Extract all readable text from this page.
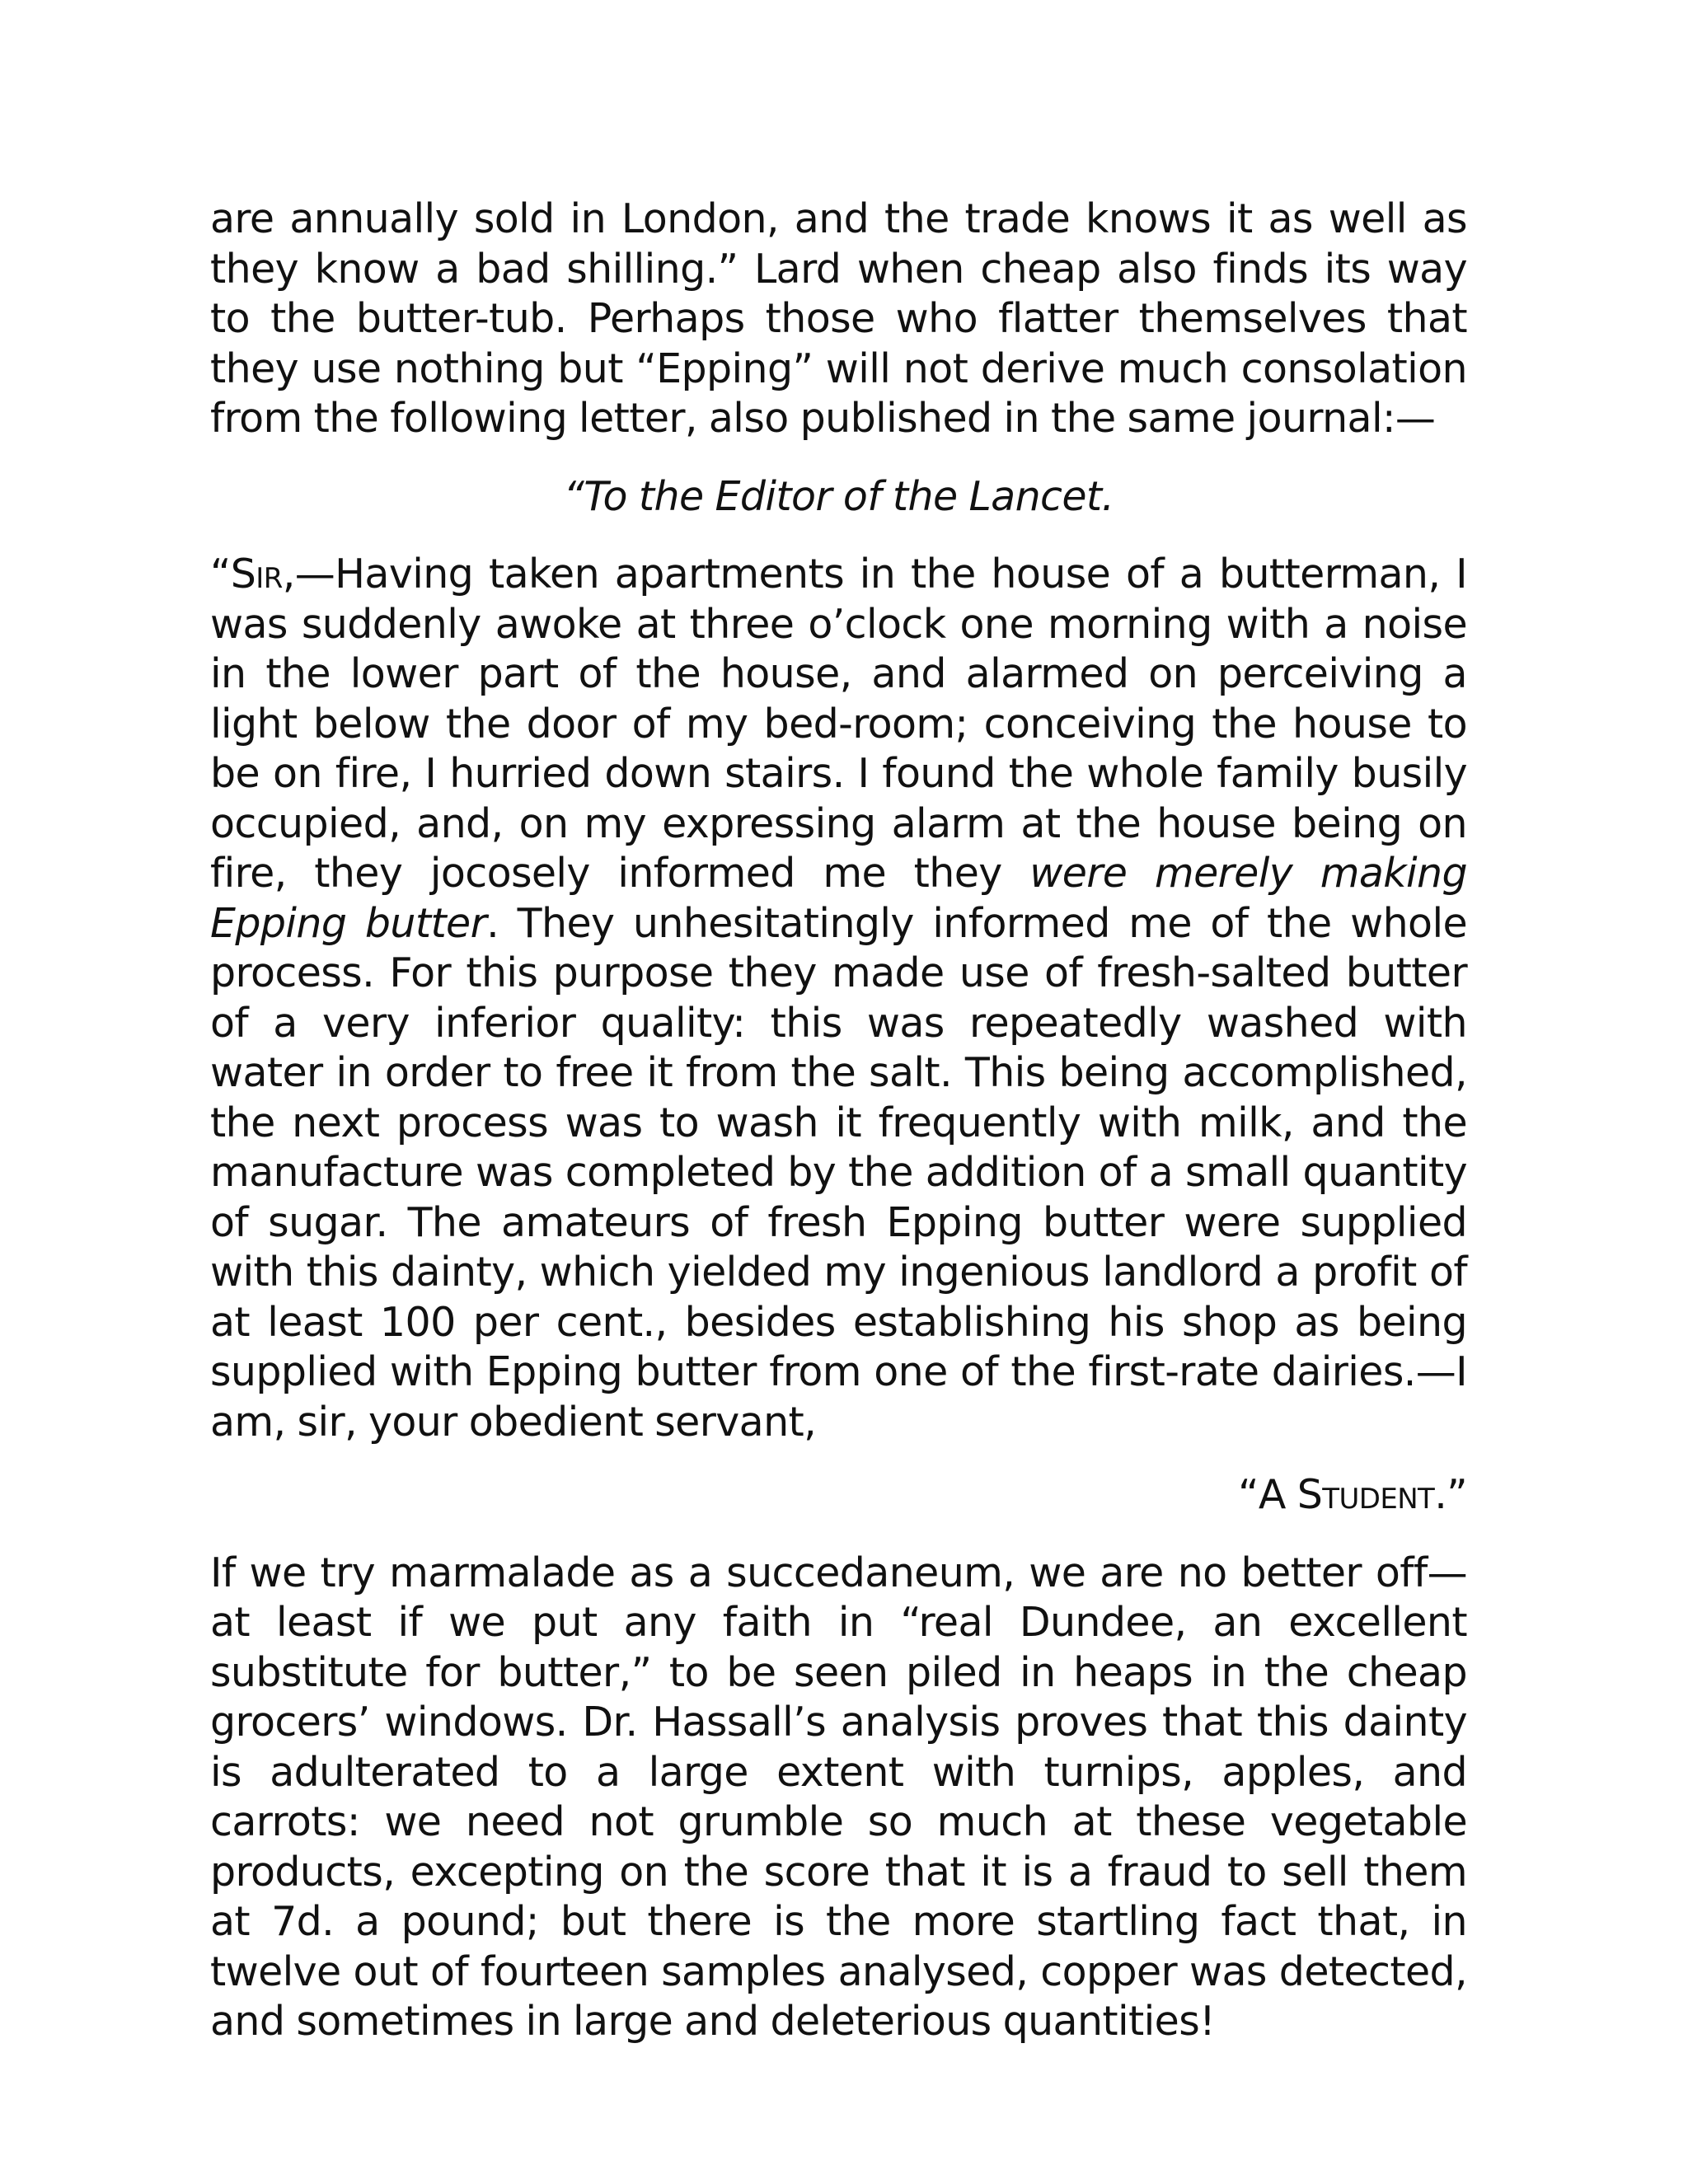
are annually sold in London, and the trade knows it as well as they know a bad shilling.” Lard when cheap also finds its way to the butter-tub. Perhaps those who flatter themselves that they use nothing but “Epping” will not derive much consolation from the following letter, also published in the same journal:—

“To the Editor of the Lancet.

“Sir,—Having taken apartments in the house of a butterman, I was suddenly awoke at three o’clock one morning with a noise in the lower part of the house, and alarmed on perceiving a light below the door of my bed-room; conceiving the house to be on fire, I hurried down stairs. I found the whole family busily occupied, and, on my expressing alarm at the house being on fire, they jocosely informed me they were merely making Epping butter. They unhesitatingly informed me of the whole process. For this purpose they made use of fresh-salted butter of a very inferior quality: this was repeatedly washed with water in order to free it from the salt. This being accomplished, the next process was to wash it frequently with milk, and the manufacture was completed by the addition of a small quantity of sugar. The amateurs of fresh Epping butter were supplied with this dainty, which yielded my ingenious landlord a profit of at least 100 per cent., besides establishing his shop as being supplied with Epping butter from one of the first-rate dairies.—I am, sir, your obedient servant,

“A Student.”

If we try marmalade as a succedaneum, we are no better off—at least if we put any faith in “real Dundee, an excellent substitute for butter,” to be seen piled in heaps in the cheap grocers’ windows. Dr. Hassall’s analysis proves that this dainty is adulterated to a large extent with turnips, apples, and carrots: we need not grumble so much at these vegetable products, excepting on the score that it is a fraud to sell them at 7d. a pound; but there is the more startling fact that, in twelve out of fourteen samples analysed, copper was detected, and sometimes in large and deleterious quantities!
